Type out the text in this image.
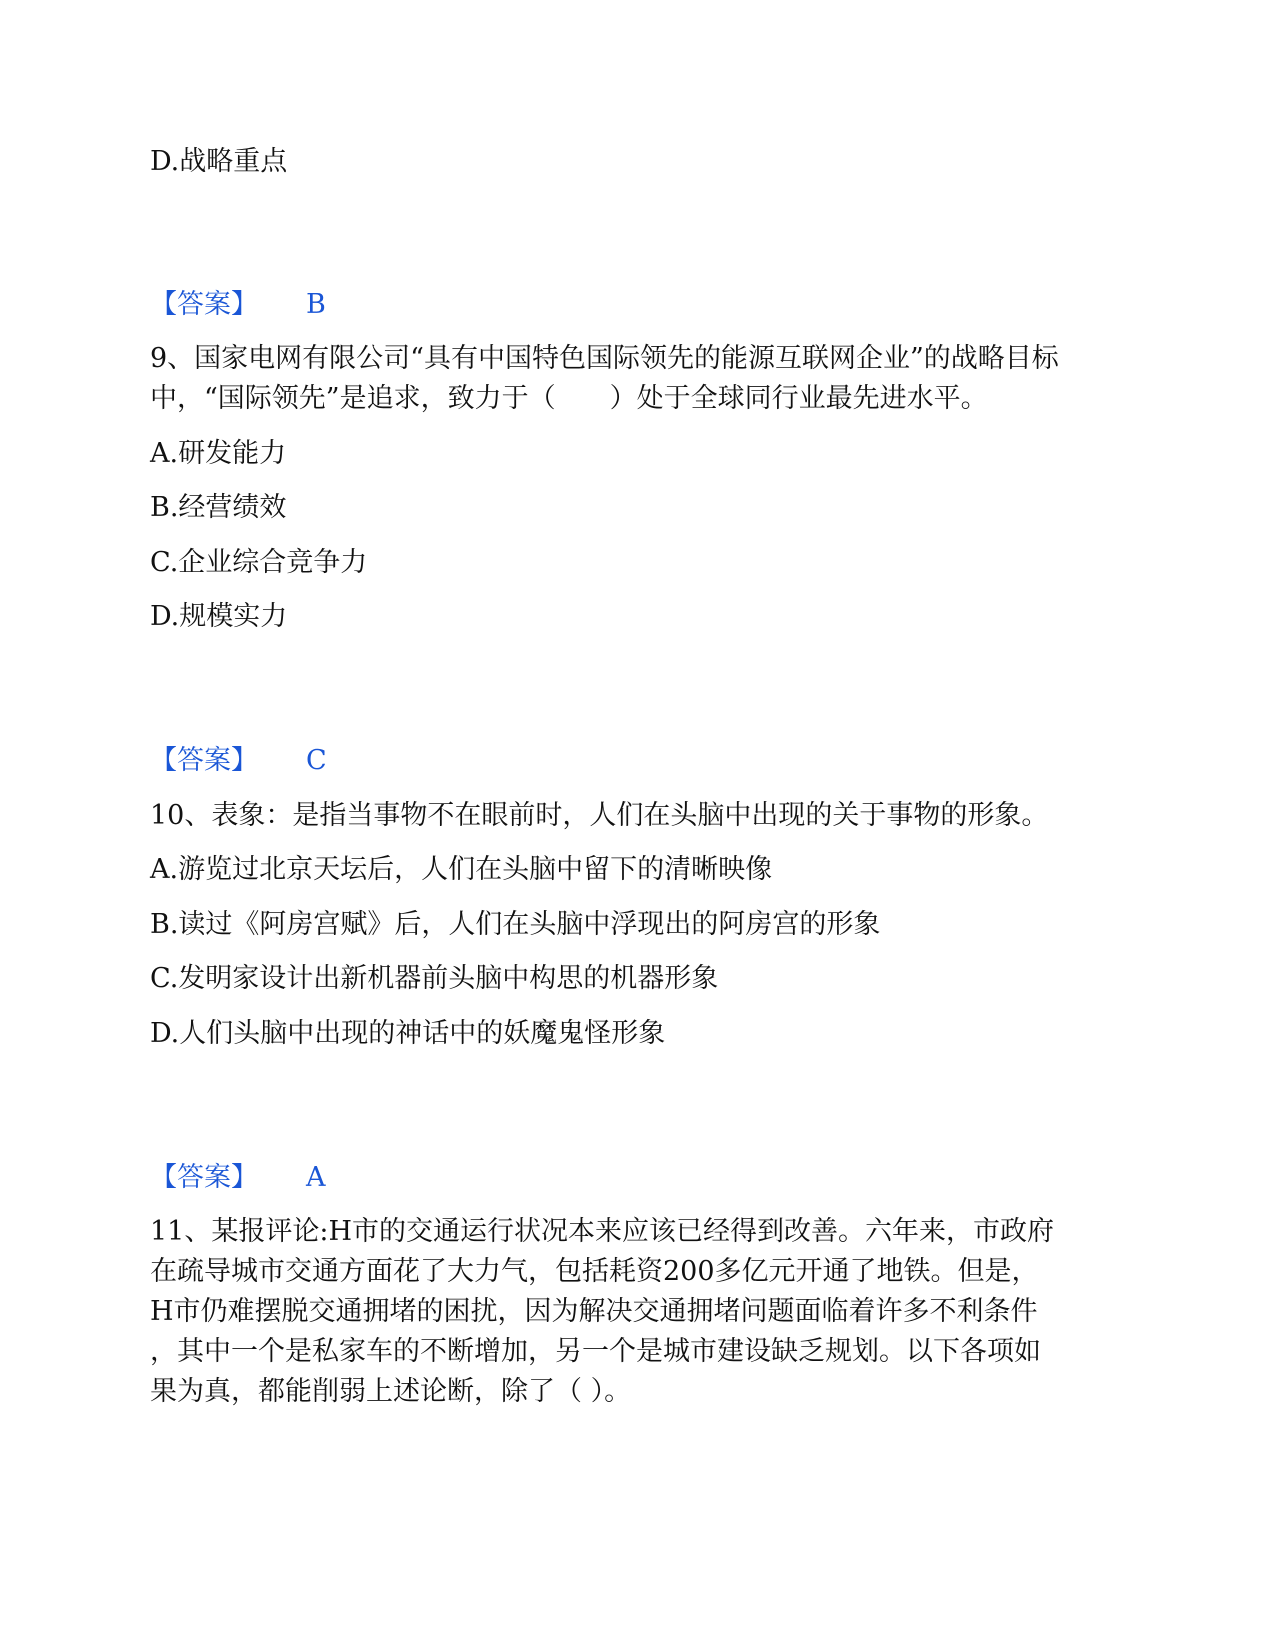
D.战略重点
【答案】 B
9、国家电网有限公司“具有中国特色国际领先的能源互联网企业”的战略目标
中，“国际领先”是追求，致力于（　　）处于全球同行业最先进水平。
A.研发能力
B.经营绩效
C.企业综合竞争力
D.规模实力
【答案】 C
10、表象：是指当事物不在眼前时，人们在头脑中出现的关于事物的形象。
A.游览过北京天坛后，人们在头脑中留下的清晰映像
B.读过《阿房宫赋》后，人们在头脑中浮现出的阿房宫的形象
C.发明家设计出新机器前头脑中构思的机器形象
D.人们头脑中出现的神话中的妖魔鬼怪形象
【答案】 A
11、某报评论:H市的交通运行状况本来应该已经得到改善。六年来，市政府
在疏导城市交通方面花了大力气，包括耗资200多亿元开通了地铁。但是，
H市仍难摆脱交通拥堵的困扰，因为解决交通拥堵问题面临着许多不利条件
，其中一个是私家车的不断增加，另一个是城市建设缺乏规划。以下各项如
果为真，都能削弱上述论断，除了（ ）。
